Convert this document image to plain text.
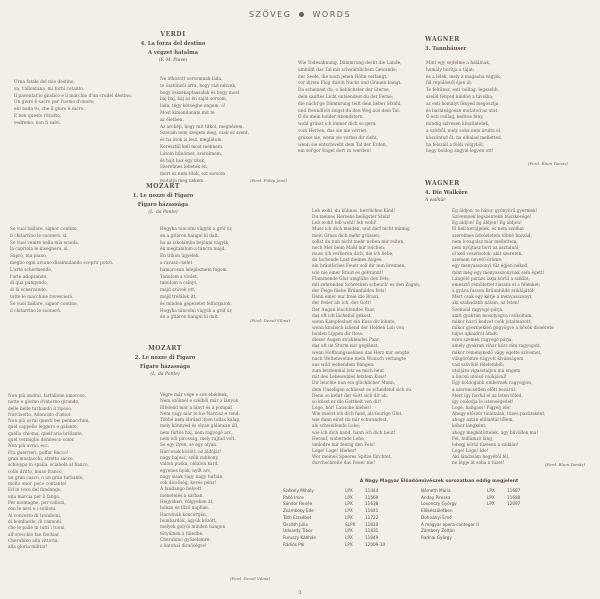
SZÖVEG	WORDS
VERDI
4. La forza del destino
A végzet hatalma
(F. M. Piave)
Urna fatale del mio destino,
va, t'allontana, mi turbi cotanto.
Il paventat'io giudico e il marchio d'un crudel destino.
Un giuro è sacro per l'uomo d'onore;
eh! bada tu, che il giuro è sacro.
E ben questo ritratto,
vedremo, non ti salvi.
Ne átkozott sorsomnak láda,
te ösztönzöl arra, hogy rád nézzek,
hogy összekaptassalak és hogy most
baj baj, baj az én saját sorsom,
láda, tégy kétségbe engem, ó!
Most kimondanám mit te
az életben.
Az arckép, hogy mit titkol, megnézem.
Szavam nem szegem meg, csak ez szent,
és ha átok is lesz, meglátom.
Keresztül kell most mennem.
Látom bűnömet, szerelmem,
és bajt hoz egy titok,
Szerelmes lehetek én,
mert ez nem titok, ezt sorsom
mutatja meg nekem.	(Ford. Fülöp Jenő)
WAGNER
3. Tannhäuser
Wie Todesahnung, Dämmrung deckt die Lande,
umhüllt das Tal mit schwärzlichem Gewande;
der Seele, die nach jenen Höhn verlangt,
vor ihrem Flug durch Nacht und Grauen bangt.
Da scheinest du, o lieblichster der Sterne,
dein sanftes Licht entsendest du der Ferne;
die nächt'ge Dämmrung teilt dein lieber Strahl,
und freundlich zeigst du den Weg aus dem Tal.
O du mein holder Abendstern,
wohl grüsst ich immer dich so gern:
vom Herzen, das sie nie verriet,
grüsse sie, wenn sie vorbei dir zieht,
wenn sie entschwebt dem Tal der Erden,
ein sel'ger Engel dort zu werden!
Mint egy sejtelme a halálnak,
homály borítja a tájat;
és a lélek, mely a magasba vágyik,
fél repüléstől éjen át.
Te feltűnsz, esti csillag, legszebb,
szelíd fényed küldöd a távolba;
az esti homályt fényed megosztja,
és barátságosan mutatod az utat.
Ó esti csillag, kedves fény,
mindig szívesen köszöntelek,
a szívből, mely soha nem árulta el,
köszöntsd őt, ha elhalad melletted,
ha felszáll a földi völgyből,
hogy boldog angyal legyen ott!
(Ford. Blum Tamás)
MOZART
1. Le nozze di Figaro
Figaro házassága
(L. da Ponte)
Se vuol ballare, signor contino,
il chitarrino le suonerò, sì.
Se vuol venire nella mia scuola,
la capriola le insegnerò, sì.
Saprò, ma piano,
meglio ogni arcano dissimulando scoprir potrò.
L'arte schermendo,
l'arte adoprando,
di qua pungendo,
di là scherzando,
tutte le macchine rovescierò.
Se vuol ballare, signor contino,
il chitarrino le suonerò.
Hogyha táncolni vágyik a gróf úr,
én a gitáron hangol ki dalt,
ha az iskolámba bejönni vágyik,
én megtanítom a táncra majd.
Én titkon ügyelek,
a ravasz cselet
hamarosan lelepleznem fogom.
Tanulom a vívást,
tanulom a csínyt,
majd szúrok ott,
majd tréfálok itt,
és minden gépezetet felforgatok.
Hogyha táncolni vágyik a gróf úr,
én a gitáron hangol ki dalt.
(Ford. Dezső Vilma)
WAGNER
4. Die Walküre
A walkür
Leb wohl, du kühnes, herrliches Kind!
Du meines Herzens heiligster Stolz!
Leb wohl! leb wohl! leb wohl!
Muss ich dich meiden, und darf nicht minnig
mein Gruss dich mehr grüssen;
sollst du nun nicht mehr neben mir reiten,
noch Met beim Mahl mir reichen;
muss ich verlieren dich, die ich liebe,
du lachende Lust meines Auges:
ein bräutliches Feuer soll dir nun brennen,
wie nie einer Braut es gebrannt!
Flammende Glut umglühe den Fels;
mit zehrenden Schrecken scheuch' es den Zagen;
der Feige fliehe Brünnhildes Fels!
Denn einer nur freie die Braut,
der freier als ich, der Gott!
Der Augen leuchtendes Paar,
das oft ich lächelnd gekost,
wenn Kampfeslust ein Kuss dir lohnte,
wenn kindisch lallend der Helden Lob von
holden Lippen dir floss:
dieser Augen strahlendes Paar,
das oft im Sturm mir geglänzt,
wenn Hoffnungssehnen das Herz mir sengte,
nach Weltenwonne mein Wunsch verlangte
aus wild webendem Bangen:
zum letztenmal letz es mich heut
mit des Lebewohles letztem Kuss!
Dir leuchte nun ein glücklicher Mann,
dem Unseligen schliesst es scheidend sich zu.
Denn so kehrt der Gott sich dir ab,
so küsst er die Gottheit von dir!
Loge, hör! Lausche hieher!
Wie zuerst ich dich fand, als feurige Glut,
wie dann einst du mir schwandest,
als schweifende Lohe;
wie ich dich band, bann ich dich heut!
Herauf, wabernde Lohe,
umlodre mir feurig den Fels!
Loge! Loge! Hieher!
Wer meines Speeres Spitze fürchtet,
durchschreite das Feuer nie!
Ég áldjon, te bátor, gyönyörű gyermek!
Szívemnek legszentebb büszkesége!
Ég áldjon! Ég áldjon! Ég áldjon!
El kell kerüljelek, és nem szólhat
szerelmes üdvözletem többé hozzád;
nem lovagolsz már mellettem,
nem nyújtasz bort az asztalnál;
el kell veszítselek, akit szeretek,
szemem nevető öröme:
egy menyasszonyi tűz égjen neked,
mint még egy menyasszonynak sem égett!
Lángoló parázs izzja körül a sziklát;
emésztő rémülettel riassza el a félénket;
a gyáva fusson Brünnhilde sziklájától!
Mert csak egy kérje a menyasszonyt,
aki szabadabb nálam, az Isten!
Szemeid ragyogó párja,
amit gyakran mosolyogva csókoltam,
mikor harci kedvet csók jutalmazott,
mikor gyermekien gügyögve a hősök dicsérete
bájos ajkaidról áradt:
ezen szemek ragyogó párja,
amely gyakran vihar közt rám ragyogott,
mikor reménykedő vágy égette szívemet,
világörömre vágyott kívánságom
vad szövődő félelemből:
utoljára vígasztaljon ma engem
a búcsú utolsó csókjával!
Egy boldogabb embernek ragyogjon,
a szerencsétlen előtt bezárul.
Mert így fordul el az Isten tőled,
így csókolja le istenségedet!
Loge, hallgass! Figyelj ide!
Ahogy először találtalak, tüzes parázsként,
ahogy aztán elillantál tőlem,
kóbor lángként;
ahogy megkötöttelek, úgy bűvöllek ma!
Fel, hullámzó láng,
lobogj körül tüzesen a sziklán!
Loge! Loge! Ide!
Aki lándzsám hegyétől fél,
ne lépje át soha a tüzet!	(Ford. Blum Tamás)
MOZART
2. Le nozze di Figaro
Figaro házassága
(L. da Ponte)
Non più andrai, farfallone amoroso,
notte e giorno d'intorno girando,
delle belle turbando il riposo,
Narcisetto, Adoncino d'amor.
Non più avrai questi bei pennacchini,
quel cappello leggero e galante,
quella chioma, quell'aria brillante,
quel vermiglio donnesco color.
Non più avrai, ecc.
Fra guerrieri, poffar Bacco!
gran mustacchi, stretto sacco,
schioppo in spalla, sciabola al fianco,
collo dritto, muso franco,
un gran casco, o un gran turbante,
molto onor, poco contante!
Ed in vece del fandango,
una marcia per il fango.
Per montagne, per valloni,
con le nevi e i sollioni.
Al concerto di tromboni,
di bombarde, di cannoni,
che le palle in tutti i tuoni
all'orecchio fan fischiar.
Cherubino alla vittoria:
alla gloria militar!
Végre már vége e sok ebédnek,
Nem szöknél e szélből már a lányok
Elfeledd már a lányt és a pompát
Nem vagy már te kis Narcisz e rend.
Többé nem ábránd ilyen tollas kalap,
mely könnyed és olyan gálánsan áll,
nem fürtös haj, nem ragyogó arc,
nem női pirosság, mely rajtad volt.
Se egy ilyen, se egy olyan.
Harcosok között, az áldóját!
nagy bajusz, szűk zubbony,
vállon puska, oldalon kard,
egyenes nyak, nyílt arc,
nagy sisak vagy nagy turbán,
sok dicsőség, kevés pénz!
A fandango helyett
menetelés a sárban.
Hegyeken, völgyeken át,
hóban és tűző napban.
Harsonák koncertjén,
bombardok, ágyúk között,
melyek golyói minden hangon
fütyülnek a füledbe.
Cherubino győzelemre:
a katonai dicsőségre!
(Ford. Dezső Vilma)
A Nagy Magyar Előadóművészek sorozatban eddig megjelent
Székely Mihály	LPX	11444	Németh Mária	LPX	11687
Palló Imre	LPX	11569	Anday Piroska	LPX	11688
Sándor Renée	LPX	11638	Losonczy György	LPX	12097
Zsámboky Ede	LPX	11641	Előkészületben
Tóth Erzsébet	LPX	11722	Dohnányi Ernő
Osváth Júlia	SLPX	11810	A magyar opera-cantegor II
Udvardy Tibor	LPX	11831	Zámbory Zoltán
Furuszy Kálmán	LPX	11849	Radnai György
Rádiós Pál	LPX	12009-10
3
